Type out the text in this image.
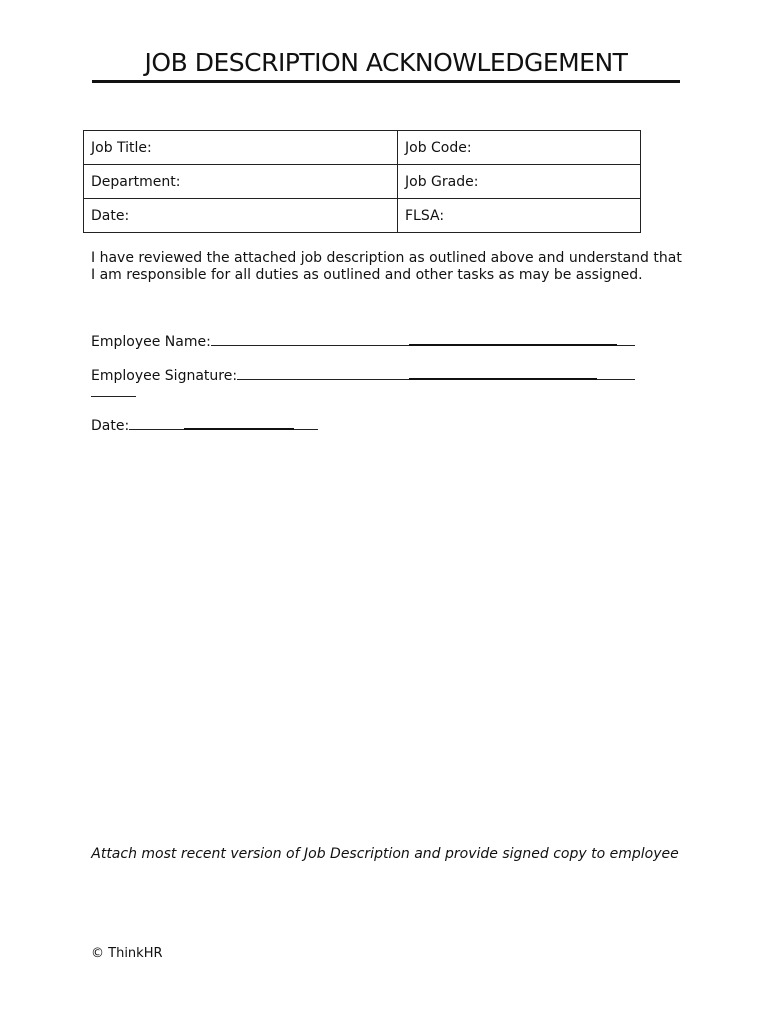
JOB DESCRIPTION ACKNOWLEDGEMENT
Job Title:	Job Code:
Department:	Job Grade:
Date:	FLSA:
I have reviewed the attached job description as outlined above and understand that
I am responsible for all duties as outlined and other tasks as may be assigned.
Employee Name:
Employee Signature:
Date:
Attach most recent version of Job Description and provide signed copy to employee
© ThinkHR
